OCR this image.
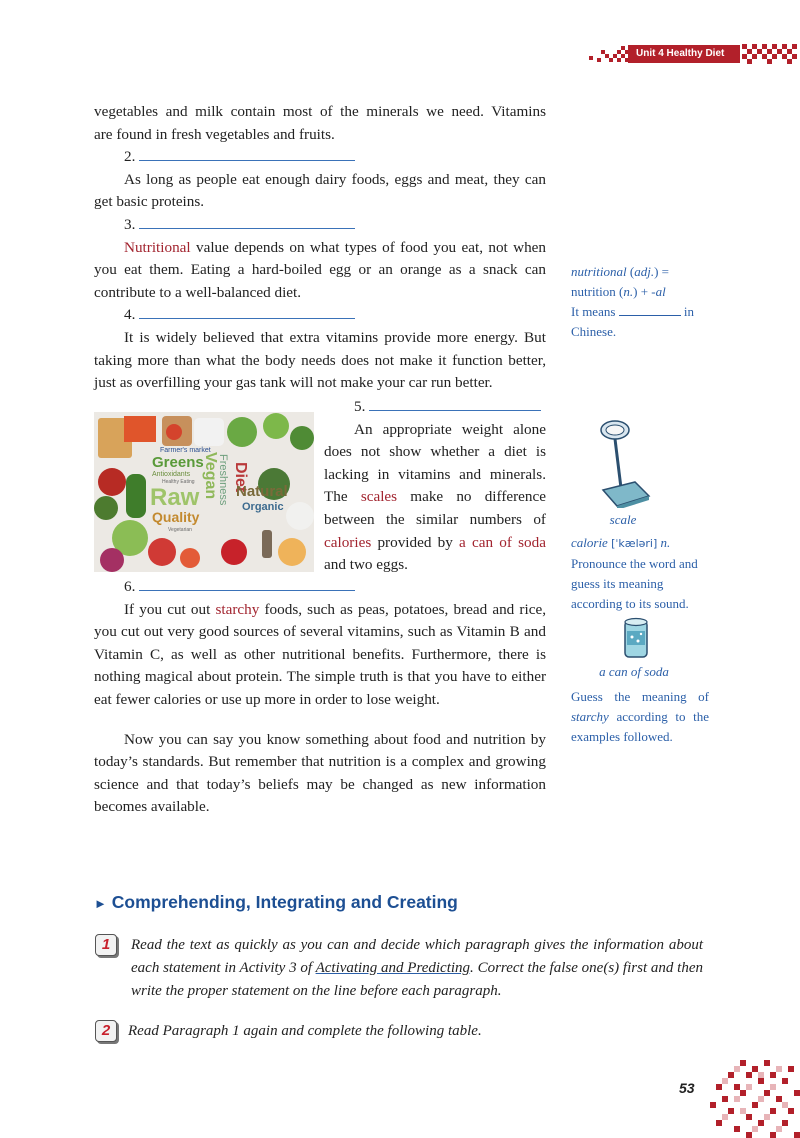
Unit 4 Healthy Diet

vegetables and milk contain most of the minerals we need. Vitamins

are found in fresh vegetables and fruits.

2.

As long as people eat enough dairy foods, eggs and meat, they can get basic proteins.

3.

Nutritional value depends on what types of food you eat, not when you eat them. Eating a hard-boiled egg or an orange as a snack can contribute to a well-balanced diet.

4.

It is widely believed that extra vitamins provide more energy. But taking more than what the body needs does not make it function better, just as overfilling your gas tank will not make your car run better.

Farmer's market
Greens
Antioxidants
Healthy Eating
Raw
Quality
Vegetarian
Vegan
Freshness Diet
Natural
Organic

5.

An appropriate weight alone does not show whether a diet is lacking in vitamins and minerals. The scales make no difference between the similar numbers of calories provided by a can of soda and two eggs.

6.

If you cut out starchy foods, such as peas, potatoes, bread and rice, you cut out very good sources of several vitamins, such as Vitamin B and Vitamin C, as well as other nutritional benefits. Furthermore, there is nothing magical about protein. The simple truth is that you have to either eat fewer calories or use up more in order to lose weight.

Now you can say you know something about food and nutrition by today’s standards. But remember that nutrition is a complex and growing science and that today’s beliefs may be changed as new information becomes available.

nutritional (adj.) =

nutrition (n.) + -al

It means	in

Chinese.

scale

calorie [ˈkæləri] n.

Pronounce the word and guess its meaning according to its sound.

a can of soda

Guess the meaning of starchy according to the examples followed.

► Comprehending, Integrating and Creating
1	Read the text as quickly as you can and decide which paragraph gives the information about each statement in Activity 3 of Activating and Predicting. Correct the false one(s) first and then write the proper statement on the line before each paragraph.
2	Read Paragraph 1 again and complete the following table.
53
